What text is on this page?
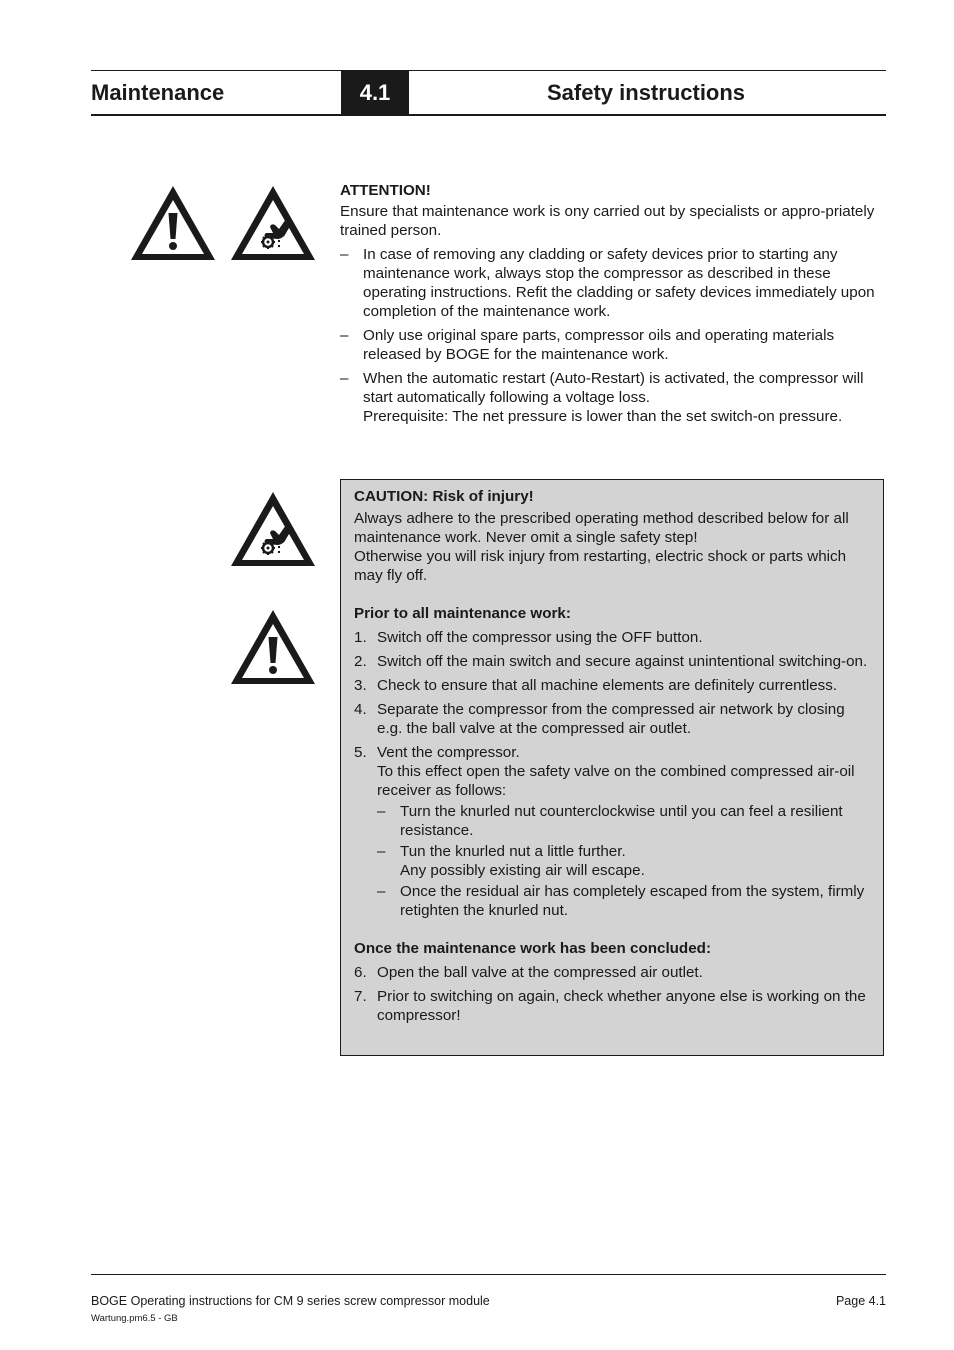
Maintenance	4.1	Safety instructions
ATTENTION!
Ensure that maintenance work is ony carried out by specialists or appro-priately trained person.
– In case of removing any cladding or safety devices prior to starting any maintenance work, always stop the compressor as described in these operating instructions. Refit the cladding or safety devices immediately upon completion of the maintenance work.
– Only use original spare parts, compressor oils and operating materials released by BOGE for the maintenance work.
– When the automatic restart (Auto-Restart) is activated, the compressor will start automatically following a voltage loss.
Prerequisite: The net pressure is lower than the set switch-on pressure.
CAUTION: Risk of injury!
Always adhere to the prescribed operating method described below for all maintenance work. Never omit a single safety step!
Otherwise you will risk injury from restarting, electric shock or parts which may fly off.
Prior to all maintenance work:
1. Switch off the compressor using the OFF button.
2. Switch off the main switch and secure against unintentional switching-on.
3. Check to ensure that all machine elements are definitely currentless.
4. Separate the compressor from the compressed air network by closing e.g. the ball valve at the compressed air outlet.
5. Vent the compressor.
To this effect open the safety valve on the combined compressed air-oil receiver as follows:
– Turn the knurled nut counterclockwise until you can feel a resilient resistance.
– Tun the knurled nut a little further.
Any possibly existing air will escape.
– Once the residual air has completely escaped from the system, firmly retighten the knurled nut.
Once the maintenance work has been concluded:
6. Open the ball valve at the compressed air outlet.
7. Prior to switching on again, check whether anyone else is working on the compressor!
BOGE Operating instructions for CM 9 series screw compressor module	Page 4.1
Wartung.pm6.5 - GB
